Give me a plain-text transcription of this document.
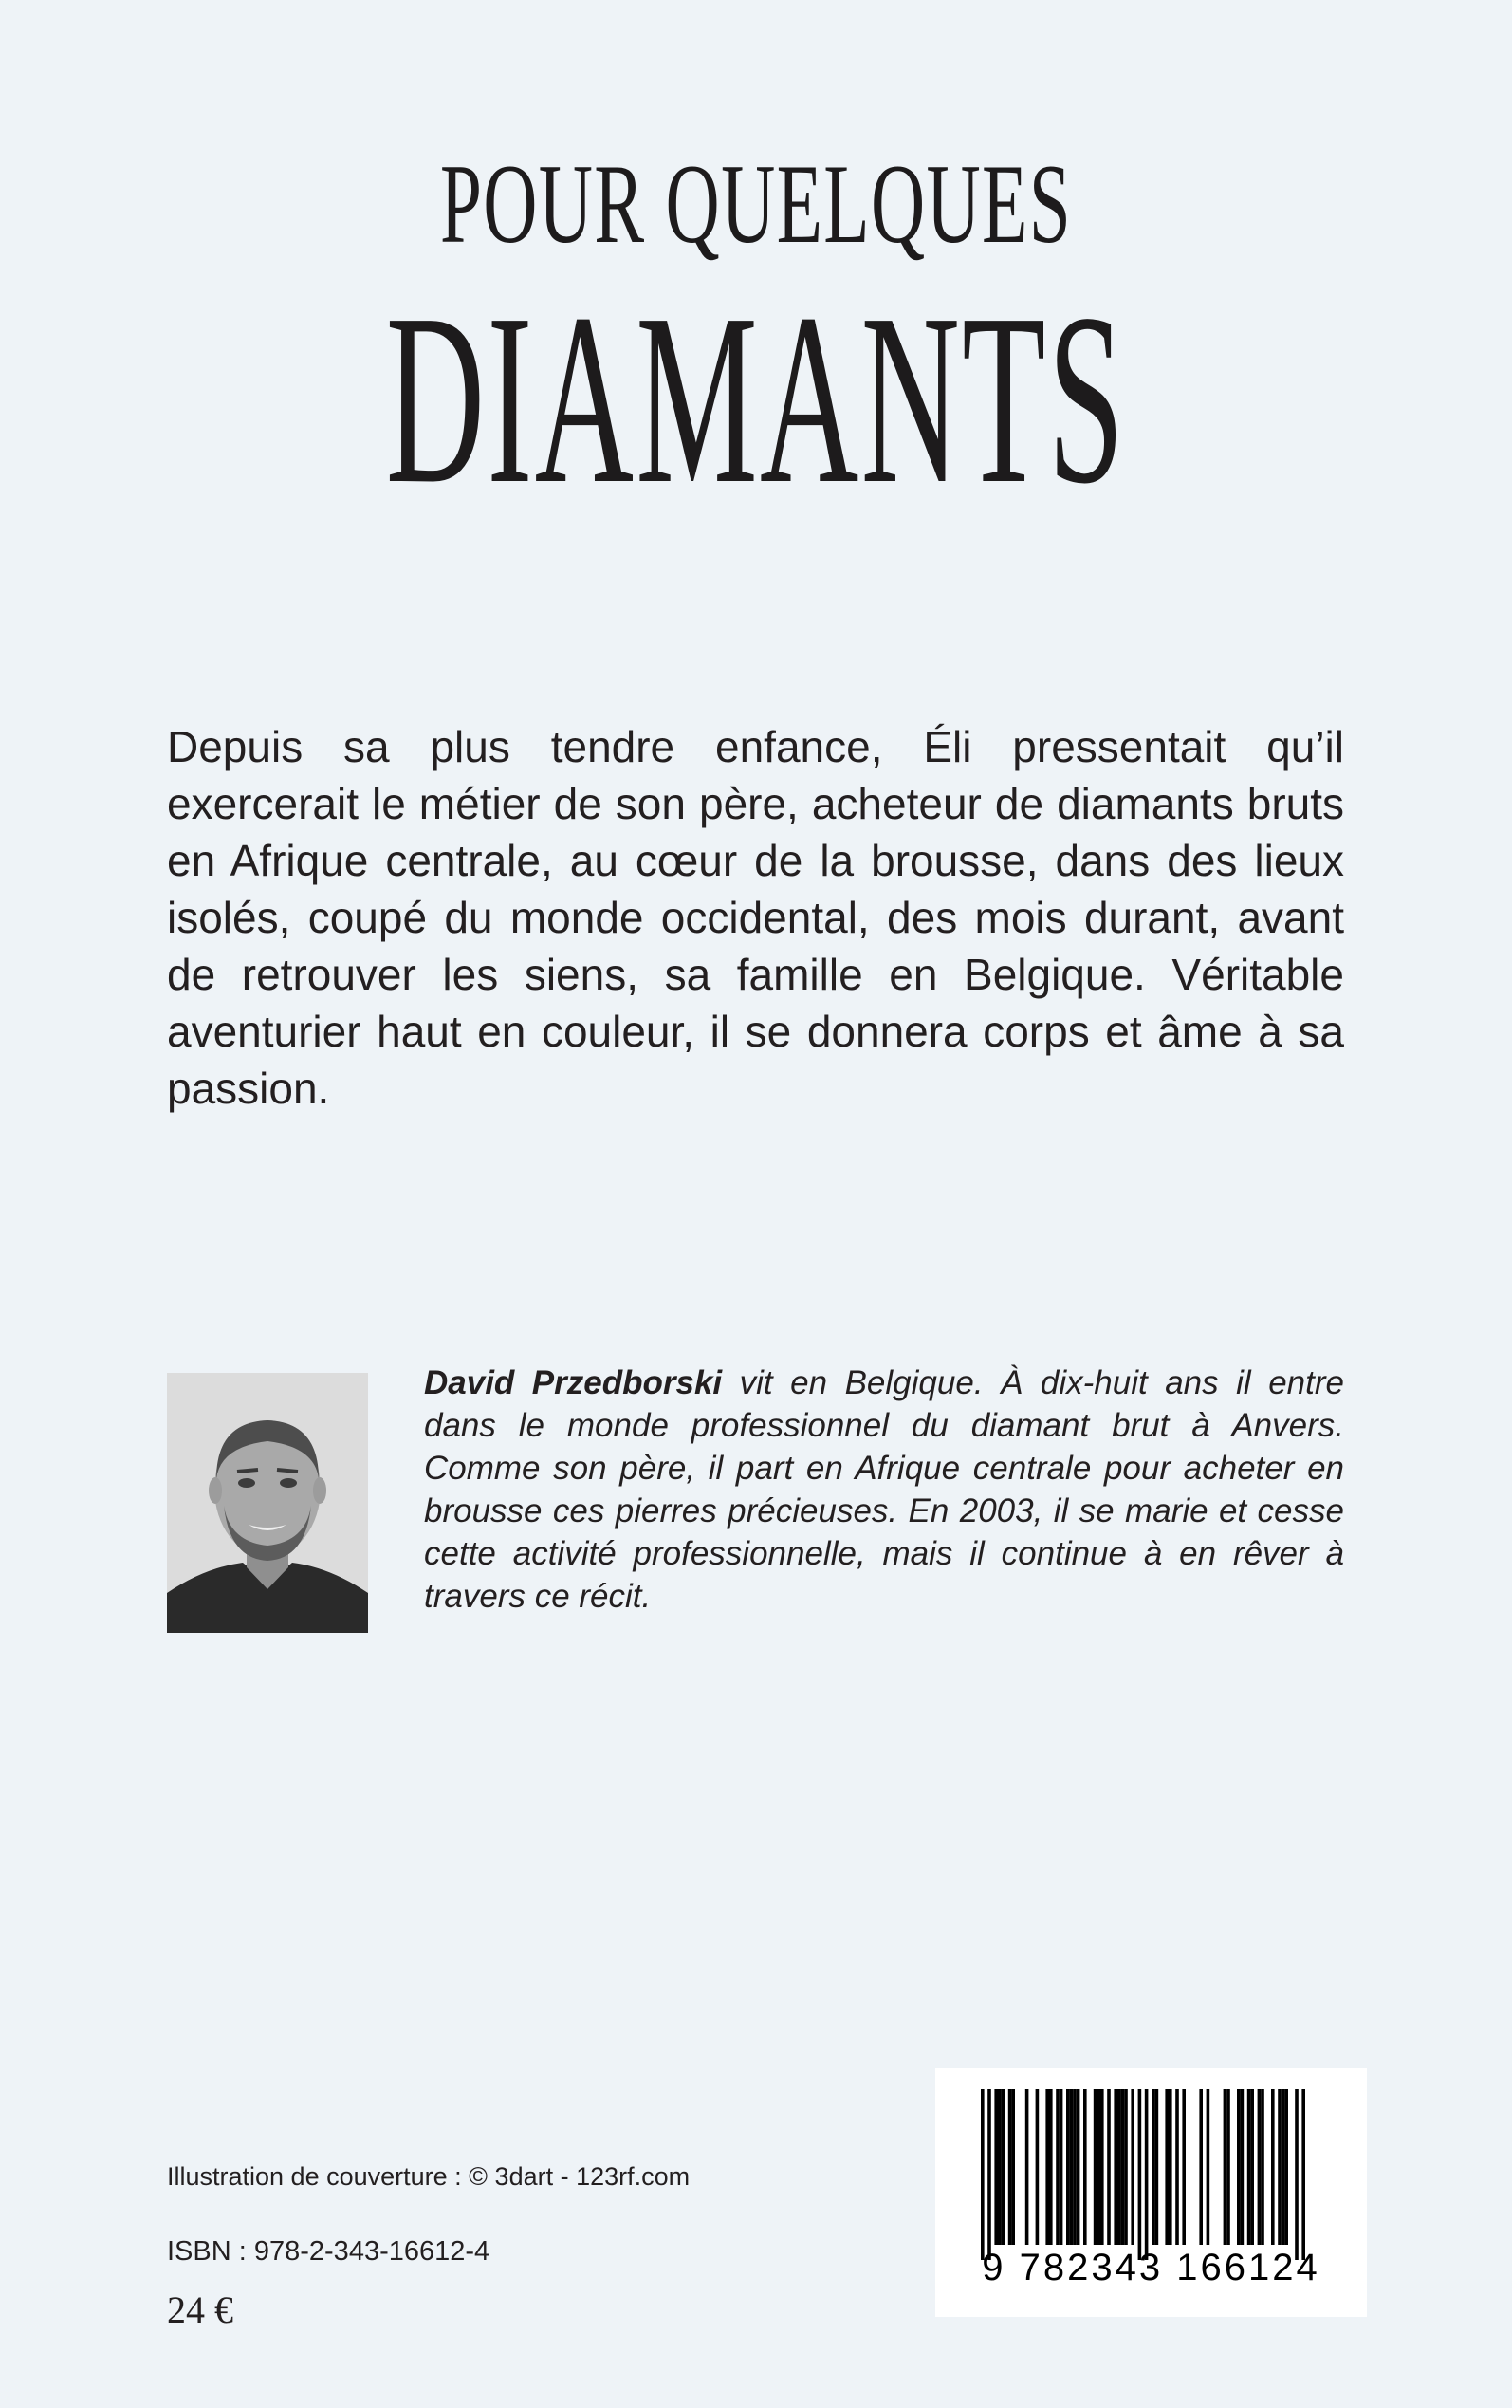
POUR QUELQUES
DIAMANTS

Depuis sa plus tendre enfance, Éli pressentait qu’il exercerait le métier de son père, acheteur de diamants bruts en Afrique centrale, au cœur de la brousse, dans des lieux isolés, coupé du monde occidental, des mois durant, avant de retrouver les siens, sa famille en Belgique. Véritable aventurier haut en couleur, il se donnera corps et âme à sa passion.

David Przedborski vit en Belgique. À dix-huit ans il entre dans le monde professionnel du diamant brut à Anvers. Comme son père, il part en Afrique centrale pour acheter en brousse ces pierres précieuses. En 2003, il se marie et cesse cette activité professionnelle, mais il continue à en rêver à travers ce récit.

Illustration de couverture : © 3dart - 123rf.com
ISBN : 978-2-343-16612-4
24 €
9 782343 166124
